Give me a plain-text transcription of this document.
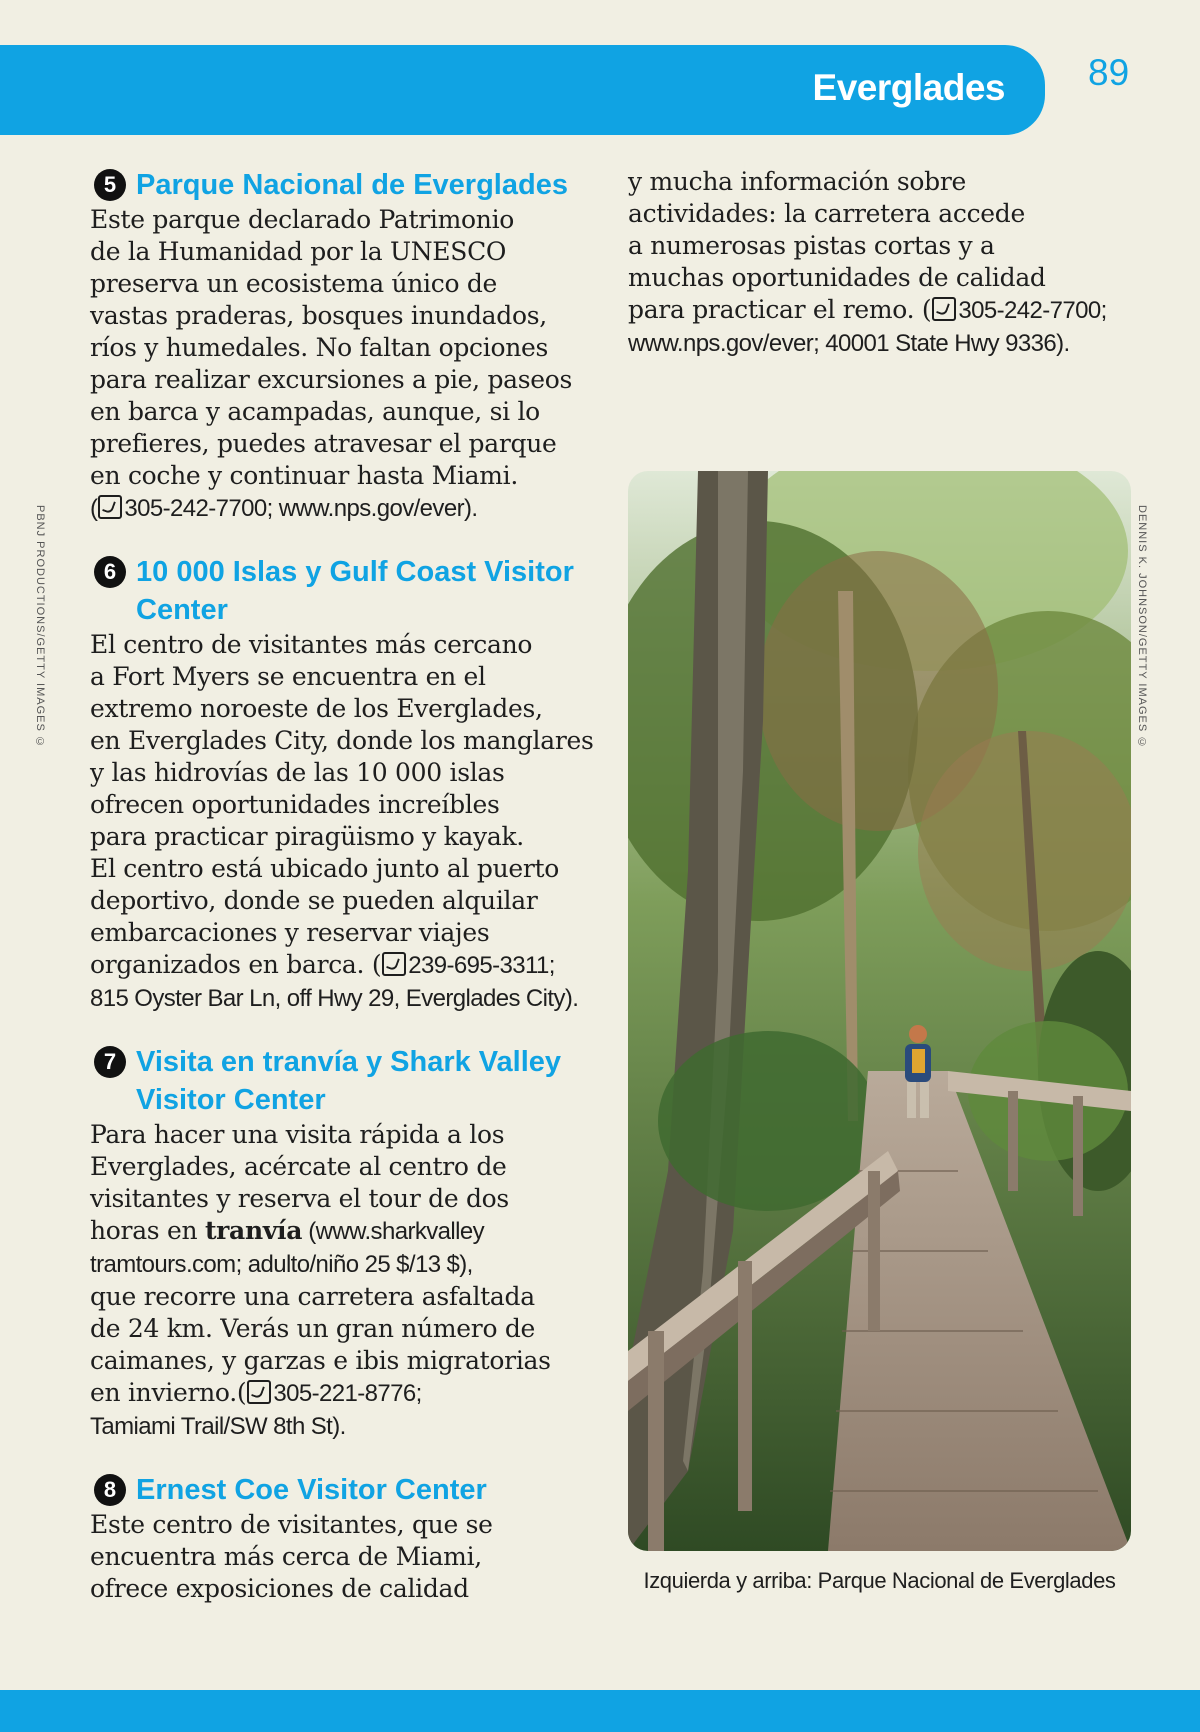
Everglades 89
PBNJ PRODUCTIONS/GETTY IMAGES ©	DENNIS K. JOHNSON/GETTY IMAGES ©
5 Parque Nacional de Everglades

Este parque declarado Patrimonio
de la Humanidad por la UNESCO
preserva un ecosistema único de
vastas praderas, bosques inundados,
ríos y humedales. No faltan opciones
para realizar excursiones a pie, paseos
en barca y acampadas, aunque, si lo
prefieres, puedes atravesar el parque
en coche y continuar hasta Miami.
( 305-242-7700; www.nps.gov/ever).

6 10 000 Islas y Gulf Coast Visitor Center

El centro de visitantes más cercano
a Fort Myers se encuentra en el
extremo noroeste de los Everglades,
en Everglades City, donde los manglares
y las hidrovías de las 10 000 islas
ofrecen oportunidades increíbles
para practicar piragüismo y kayak.
El centro está ubicado junto al puerto
deportivo, donde se pueden alquilar
embarcaciones y reservar viajes
organizados en barca. ( 239-695-3311;
815 Oyster Bar Ln, off Hwy 29, Everglades City).

7 Visita en tranvía y Shark Valley Visitor Center

Para hacer una visita rápida a los
Everglades, acércate al centro de
visitantes y reserva el tour de dos
horas en tranvía (www.sharkvalley
tramtours.com; adulto/niño 25 $/13 $),
que recorre una carretera asfaltada
de 24 km. Verás un gran número de
caimanes, y garzas e ibis migratorias
en invierno.( 305-221-8776;
Tamiami Trail/SW 8th St).

8 Ernest Coe Visitor Center

Este centro de visitantes, que se
encuentra más cerca de Miami,
ofrece exposiciones de calidad

y mucha información sobre
actividades: la carretera accede
a numerosas pistas cortas y a
muchas oportunidades de calidad
para practicar el remo. ( 305-242-7700;
www.nps.gov/ever; 40001 State Hwy 9336).

Izquierda y arriba: Parque Nacional de Everglades
